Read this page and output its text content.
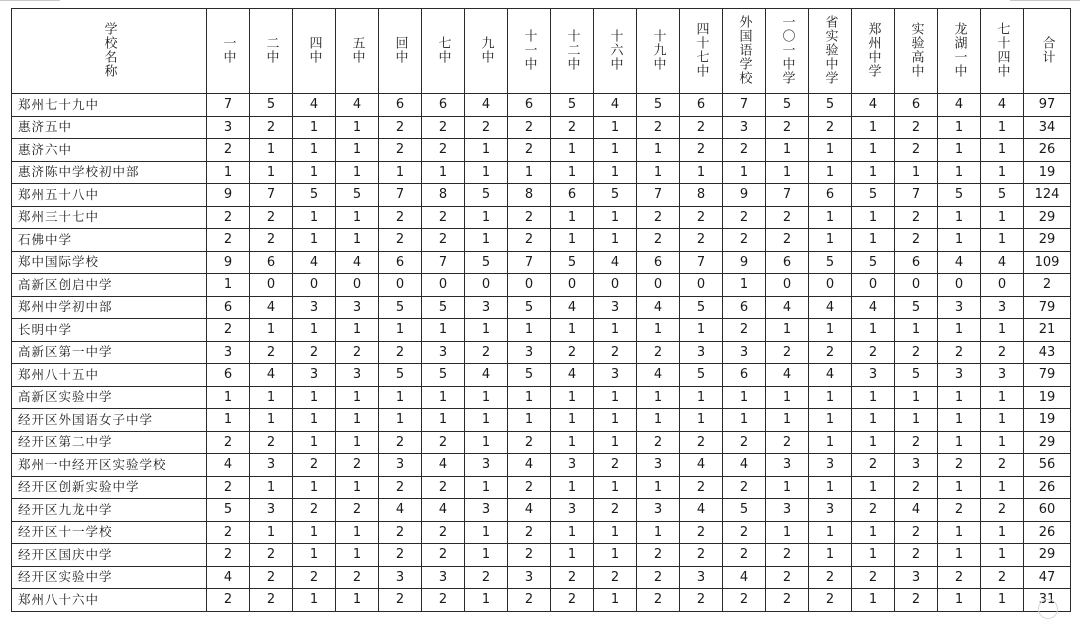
学校名称	一中	二中	四中	五中	回中	七中	九中	十一中	十二中	十六中	十九中	四十七中	外国语学校	一〇一中学	省实验中学	郑州中学	实验高中	龙湖一中	七十四中	合计
郑州七十九中	7	5	4	4	6	6	4	6	5	4	5	6	7	5	5	4	6	4	4	97
惠济五中	3	2	1	1	2	2	2	2	2	1	2	2	3	2	2	1	2	1	1	34
惠济六中	2	1	1	1	2	2	1	2	1	1	1	2	2	1	1	1	2	1	1	26
惠济陈中学校初中部	1	1	1	1	1	1	1	1	1	1	1	1	1	1	1	1	1	1	1	19
郑州五十八中	9	7	5	5	7	8	5	8	6	5	7	8	9	7	6	5	7	5	5	124
郑州三十七中	2	2	1	1	2	2	1	2	1	1	2	2	2	2	1	1	2	1	1	29
石佛中学	2	2	1	1	2	2	1	2	1	1	2	2	2	2	1	1	2	1	1	29
郑中国际学校	9	6	4	4	6	7	5	7	5	4	6	7	9	6	5	5	6	4	4	109
高新区创启中学	1	0	0	0	0	0	0	0	0	0	0	0	1	0	0	0	0	0	0	2
郑州中学初中部	6	4	3	3	5	5	3	5	4	3	4	5	6	4	4	4	5	3	3	79
长明中学	2	1	1	1	1	1	1	1	1	1	1	1	2	1	1	1	1	1	1	21
高新区第一中学	3	2	2	2	2	3	2	3	2	2	2	3	3	2	2	2	2	2	2	43
郑州八十五中	6	4	3	3	5	5	4	5	4	3	4	5	6	4	4	3	5	3	3	79
高新区实验中学	1	1	1	1	1	1	1	1	1	1	1	1	1	1	1	1	1	1	1	19
经开区外国语女子中学	1	1	1	1	1	1	1	1	1	1	1	1	1	1	1	1	1	1	1	19
经开区第二中学	2	2	1	1	2	2	1	2	1	1	2	2	2	2	1	1	2	1	1	29
郑州一中经开区实验学校	4	3	2	2	3	4	3	4	3	2	3	4	4	3	3	2	3	2	2	56
经开区创新实验中学	2	1	1	1	2	2	1	2	1	1	1	2	2	1	1	1	2	1	1	26
经开区九龙中学	5	3	2	2	4	4	3	4	3	2	3	4	5	3	3	2	4	2	2	60
经开区十一学校	2	1	1	1	2	2	1	2	1	1	1	2	2	1	1	1	2	1	1	26
经开区国庆中学	2	2	1	1	2	2	1	2	1	1	2	2	2	2	1	1	2	1	1	29
经开区实验中学	4	2	2	2	3	3	2	3	2	2	2	3	4	2	2	2	3	2	2	47
郑州八十六中	2	2	1	1	2	2	1	2	2	1	2	2	2	2	2	1	2	1	1	31
